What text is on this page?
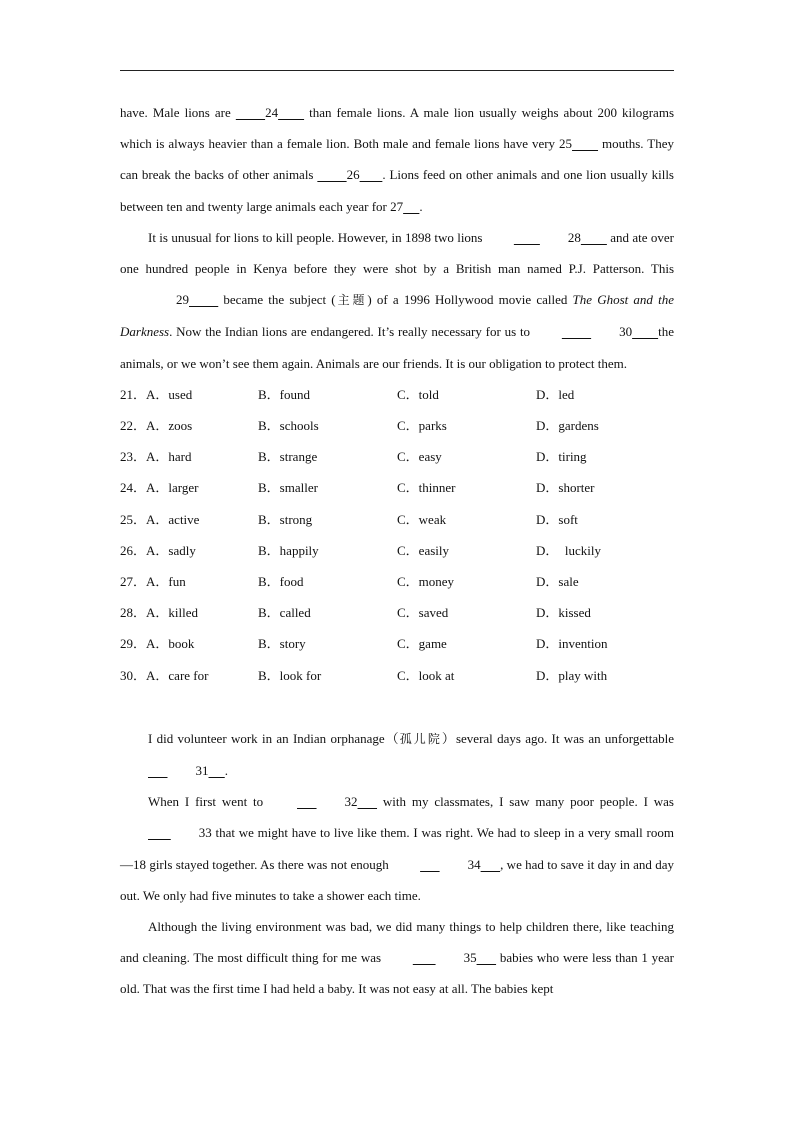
have. Male lions are          24         than female lions. A male lion usually weighs about 200 kilograms which is always heavier than a female lion. Both male and female lions have very 25         mouths. They can break the backs of other animals          26 . Lions feed on other animals and one lion usually kills between ten and twenty large animals each year for 27 .

It is unusual for lions to kill people. However, in 1898 two lions	28         and ate over one hundred people in Kenya before they were shot by a British man named P.J. Patterson. This 29          became the subject (主题) of a 1996 Hollywood movie called The Ghost and the Darkness. Now the Indian lions are endangered. It’s really necessary for us to	30 the animals, or we won’t see them again. Animals are our friends. It is our obligation to protect them.

21．A．used	B．found	C．told	D．led
22．A．zoos	B．schools	C．parks	D．gardens
23．A．hard	B．strange	C．easy	D．tiring
24．A．larger	B．smaller	C．thinner	D．shorter
25．A．active	B．strong	C．weak	D．soft
26．A．sadly	B．happily	C．easily	D．  luckily
27．A．fun	B．food	C．money	D．sale
28．A．killed	B．called	C．saved	D．kissed
29．A．book	B．story	C．game	D．invention
30．A．care for	B．look for	C．look at	D．play with

I did volunteer work in an Indian orphanage（孤儿院）several days ago. It was an unforgettable       31 .

When I first went to	32       with my classmates, I saw many poor people. I was        33 that we might have to live like them. I was right. We had to sleep in a very small room—18 girls stayed together. As there was not enough	34 , we had to save it day in and day out. We only had five minutes to take a shower each time.

Although the living environment was bad, we did many things to help children there, like teaching and cleaning. The most difficult thing for me was	35       babies who were less than 1 year old. That was the first time I had held a baby. It was not easy at all. The babies kept
